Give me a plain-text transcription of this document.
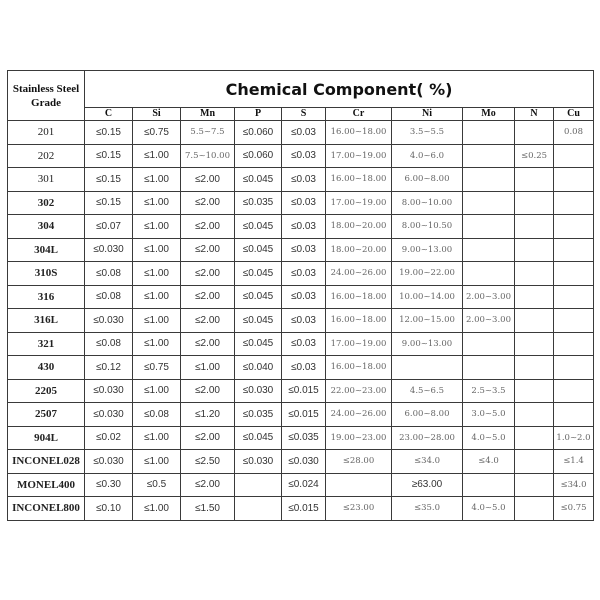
Stainless Steel Grade	Chemical Component( %)									
	C	Si	Mn	P	S	Cr	Ni	Mo	N	Cu
201	≤0.15	≤0.75	5.5~7.5	≤0.060	≤0.03	16.00~18.00	3.5~5.5			0.08
202	≤0.15	≤1.00	7.5~10.00	≤0.060	≤0.03	17.00~19.00	4.0~6.0		≤0.25	
301	≤0.15	≤1.00	≤2.00	≤0.045	≤0.03	16.00~18.00	6.00~8.00			
302	≤0.15	≤1.00	≤2.00	≤0.035	≤0.03	17.00~19.00	8.00~10.00			
304	≤0.07	≤1.00	≤2.00	≤0.045	≤0.03	18.00~20.00	8.00~10.50			
304L	≤0.030	≤1.00	≤2.00	≤0.045	≤0.03	18.00~20.00	9.00~13.00			
310S	≤0.08	≤1.00	≤2.00	≤0.045	≤0.03	24.00~26.00	19.00~22.00			
316	≤0.08	≤1.00	≤2.00	≤0.045	≤0.03	16.00~18.00	10.00~14.00	2.00~3.00		
316L	≤0.030	≤1.00	≤2.00	≤0.045	≤0.03	16.00~18.00	12.00~15.00	2.00~3.00		
321	≤0.08	≤1.00	≤2.00	≤0.045	≤0.03	17.00~19.00	9.00~13.00			
430	≤0.12	≤0.75	≤1.00	≤0.040	≤0.03	16.00~18.00				
2205	≤0.030	≤1.00	≤2.00	≤0.030	≤0.015	22.00~23.00	4.5~6.5	2.5~3.5		
2507	≤0.030	≤0.08	≤1.20	≤0.035	≤0.015	24.00~26.00	6.00~8.00	3.0~5.0		
904L	≤0.02	≤1.00	≤2.00	≤0.045	≤0.035	19.00~23.00	23.00~28.00	4.0~5.0		1.0~2.0
INCONEL028	≤0.030	≤1.00	≤2.50	≤0.030	≤0.030	≤28.00	≤34.0	≤4.0		≤1.4
MONEL400	≤0.30	≤0.5	≤2.00		≤0.024		≥63.00			≤34.0
INCONEL800	≤0.10	≤1.00	≤1.50		≤0.015	≤23.00	≤35.0	4.0~5.0		≤0.75
